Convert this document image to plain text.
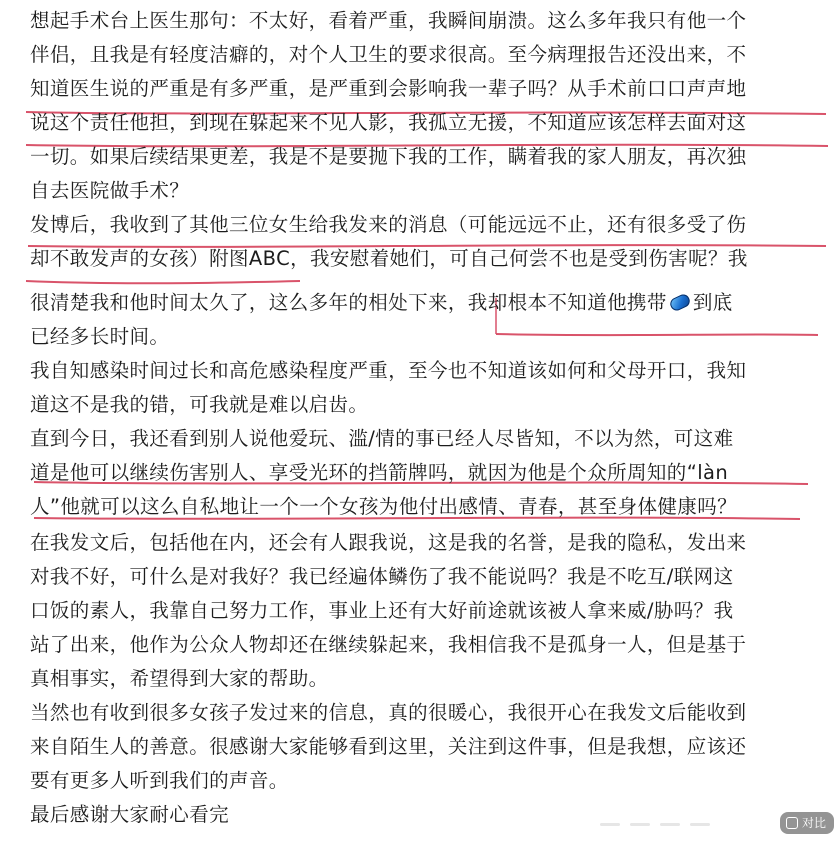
想起手术台上医生那句：不太好，看着严重，我瞬间崩溃。这么多年我只有他一个
伴侣，且我是有轻度洁癖的，对个人卫生的要求很高。至今病理报告还没出来，不
知道医生说的严重是有多严重，是严重到会影响我一辈子吗？从手术前口口声声地
说这个责任他担，到现在躲起来不见人影，我孤立无援，不知道应该怎样去面对这
一切。如果后续结果更差，我是不是要抛下我的工作，瞒着我的家人朋友，再次独
自去医院做手术？
发博后，我收到了其他三位女生给我发来的消息（可能远远不止，还有很多受了伤
却不敢发声的女孩）附图ABC，我安慰着她们，可自己何尝不也是受到伤害呢？我
很清楚我和他时间太久了，这么多年的相处下来，我却根本不知道他携带 到底
已经多长时间。
我自知感染时间过长和高危感染程度严重，至今也不知道该如何和父母开口，我知
道这不是我的错，可我就是难以启齿。
直到今日，我还看到别人说他爱玩、滥/情的事已经人尽皆知，不以为然，可这难
道是他可以继续伤害别人、享受光环的挡箭牌吗，就因为他是个众所周知的“làn
人”他就可以这么自私地让一个一个女孩为他付出感情、青春，甚至身体健康吗？
在我发文后，包括他在内，还会有人跟我说，这是我的名誉，是我的隐私，发出来
对我不好，可什么是对我好？我已经遍体鳞伤了我不能说吗？我是不吃互/联网这
口饭的素人，我靠自己努力工作，事业上还有大好前途就该被人拿来威/胁吗？我
站了出来，他作为公众人物却还在继续躲起来，我相信我不是孤身一人，但是基于
真相事实，希望得到大家的帮助。
当然也有收到很多女孩子发过来的信息，真的很暖心，我很开心在我发文后能收到
来自陌生人的善意。很感谢大家能够看到这里，关注到这件事，但是我想，应该还
要有更多人听到我们的声音。
最后感谢大家耐心看完	对比
